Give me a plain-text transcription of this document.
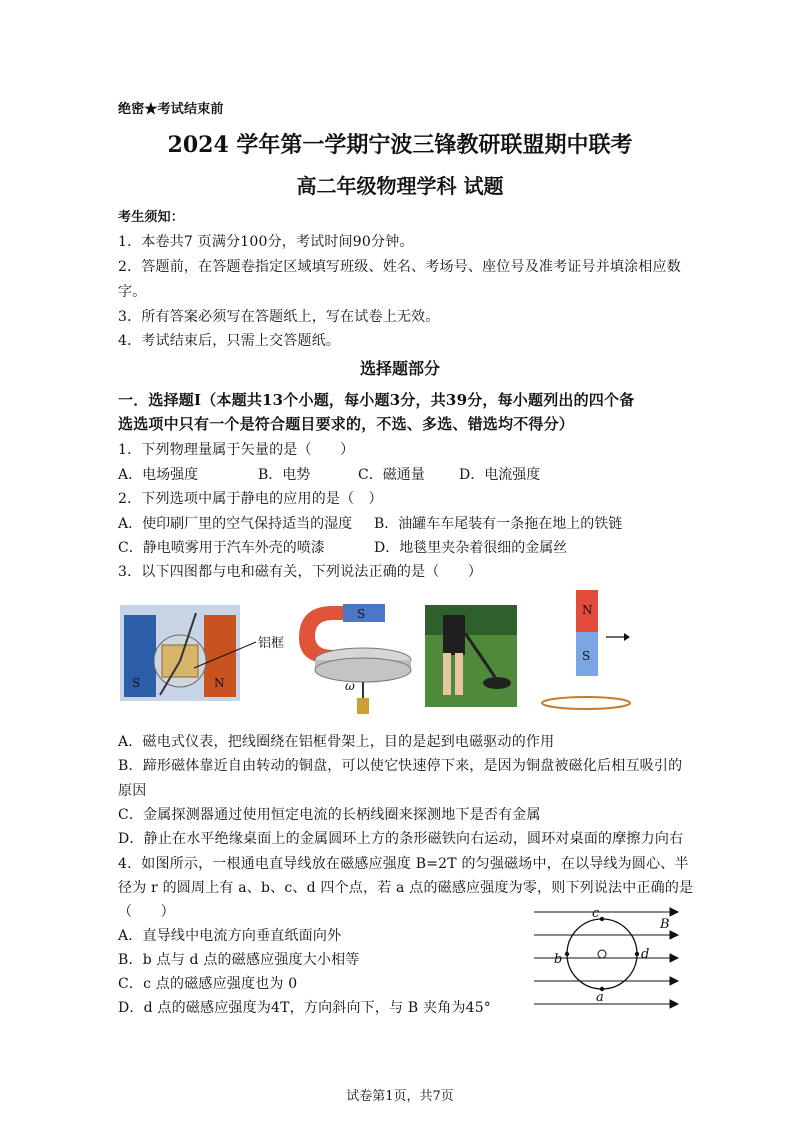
绝密★考试结束前
2024 学年第一学期宁波三锋教研联盟期中联考
高二年级物理学科 试题
考生须知：
1．本卷共7 页满分100分，考试时间90分钟。
2．答题前，在答题卷指定区域填写班级、姓名、考场号、座位号及准考证号并填涂相应数
字。
3．所有答案必须写在答题纸上，写在试卷上无效。
4．考试结束后，只需上交答题纸。
选择题部分
一．选择题Ⅰ（本题共13个小题，每小题3分，共39分，每小题列出的四个备
选选项中只有一个是符合题目要求的，不选、多选、错选均不得分）
1．下列物理量属于矢量的是（　　）
A．电场强度	B．电势	C．磁通量 D．电流强度
2．下列选项中属于静电的应用的是（　）
A．使印刷厂里的空气保持适当的湿度 B．油罐车车尾装有一条拖在地上的铁链
C．静电喷雾用于汽车外壳的喷漆	D．地毯里夹杂着很细的金属丝
3．以下四图都与电和磁有关，下列说法正确的是（　　）
S	N
铝框
S
ω
N
S
A．磁电式仪表，把线圈绕在铝框骨架上，目的是起到电磁驱动的作用
B．蹄形磁体靠近自由转动的铜盘，可以使它快速停下来，是因为铜盘被磁化后相互吸引的
原因
C．金属探测器通过使用恒定电流的长柄线圈来探测地下是否有金属
D．静止在水平绝缘桌面上的金属圆环上方的条形磁铁向右运动，圆环对桌面的摩擦力向右
4．如图所示，一根通电直导线放在磁感应强度 B=2T 的匀强磁场中，在以导线为圆心、半
径为 r 的圆周上有 a、b、c、d 四个点，若 a 点的磁感应强度为零，则下列说法中正确的是
（　　）
A．直导线中电流方向垂直纸面向外
B．b 点与 d 点的磁感应强度大小相等
C．c 点的磁感应强度也为 0
D．d 点的磁感应强度为4T，方向斜向下，与 B 夹角为45°
c
b	d
a
B
试卷第1页，共7页
